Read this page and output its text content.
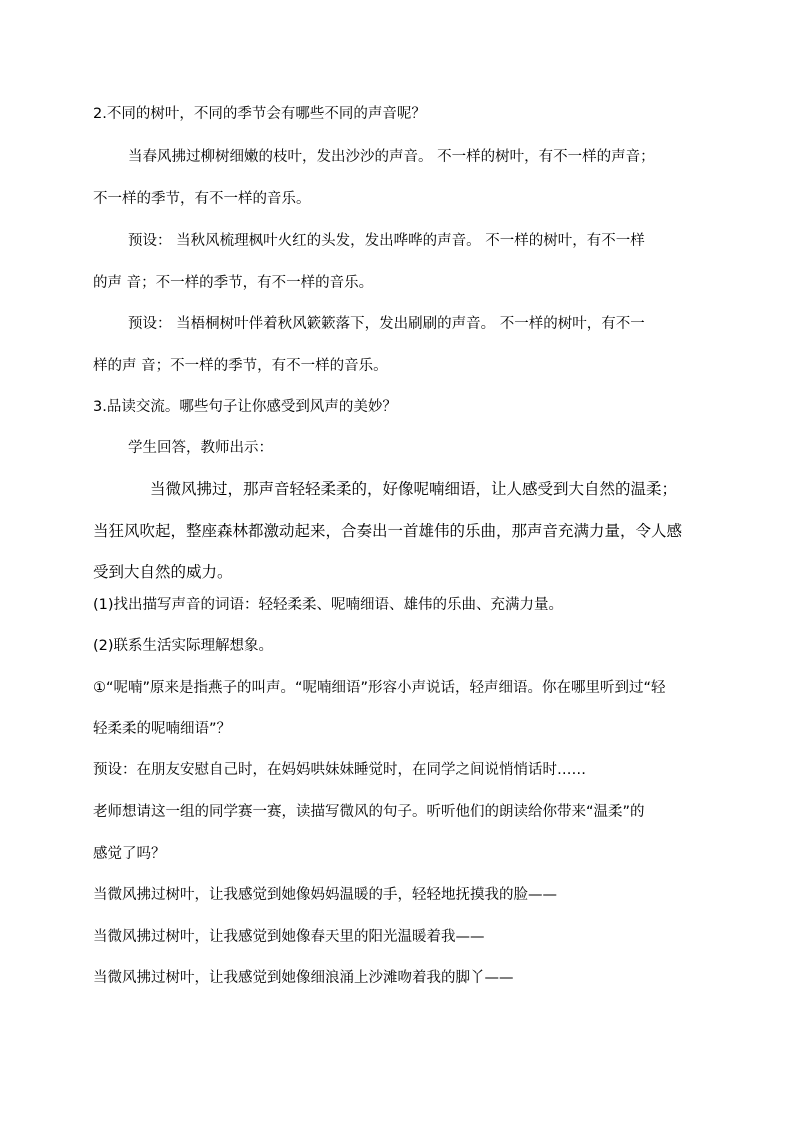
2.不同的树叶，不同的季节会有哪些不同的声音呢？
当春风拂过柳树细嫩的枝叶，发出沙沙的声音。 不一样的树叶，有不一样的声音；
不一样的季节，有不一样的音乐。
预设： 当秋风梳理枫叶火红的头发，发出哗哗的声音。 不一样的树叶，有不一样
的声 音；不一样的季节，有不一样的音乐。
预设： 当梧桐树叶伴着秋风簌簌落下，发出刷刷的声音。 不一样的树叶，有不一
样的声 音；不一样的季节，有不一样的音乐。
3.品读交流。哪些句子让你感受到风声的美妙？
学生回答，教师出示：
当微风拂过，那声音轻轻柔柔的，好像呢喃细语，让人感受到大自然的温柔；
当狂风吹起，整座森林都激动起来，合奏出一首雄伟的乐曲，那声音充满力量，令人感
受到大自然的威力。
(1)找出描写声音的词语：轻轻柔柔、呢喃细语、雄伟的乐曲、充满力量。
(2)联系生活实际理解想象。
①“呢喃”原来是指燕子的叫声。“呢喃细语”形容小声说话，轻声细语。你在哪里听到过“轻
轻柔柔的呢喃细语”？
预设：在朋友安慰自己时，在妈妈哄妹妹睡觉时，在同学之间说悄悄话时……
老师想请这一组的同学赛一赛，读描写微风的句子。听听他们的朗读给你带来“温柔”的
感觉了吗？
当微风拂过树叶，让我感觉到她像妈妈温暖的手，轻轻地抚摸我的脸——
当微风拂过树叶，让我感觉到她像春天里的阳光温暖着我——
当微风拂过树叶，让我感觉到她像细浪涌上沙滩吻着我的脚丫——
